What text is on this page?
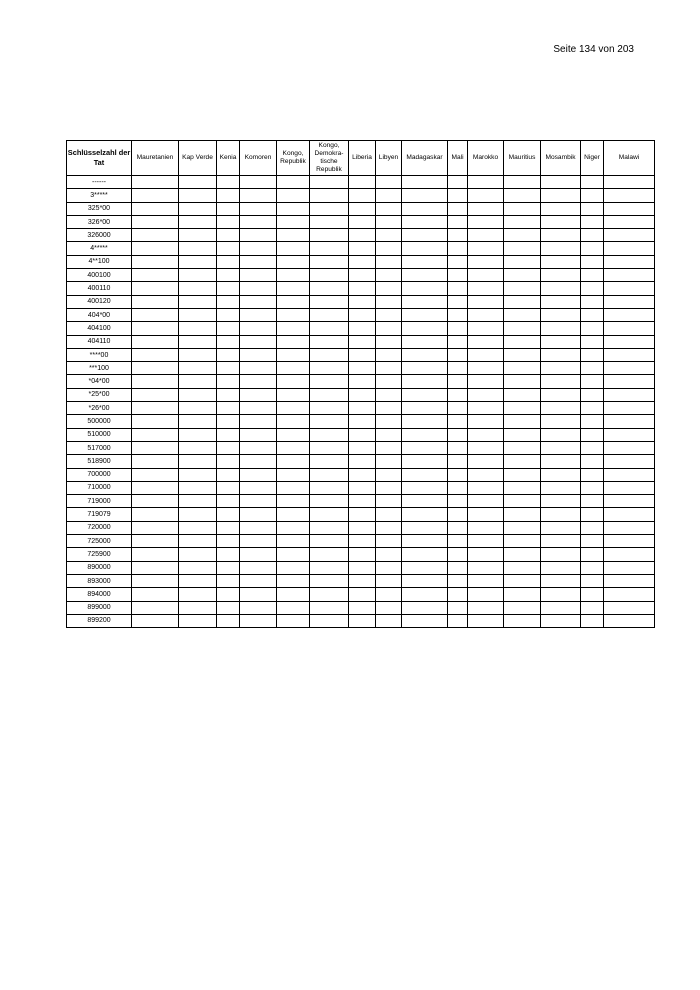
Seite 134 von 203
Schlüsselzahl der Tat	Mauretanien	Kap Verde	Kenia	Komoren	Kongo, Republik	Kongo, Demokra-tische Republik	Liberia	Libyen	Madagaskar	Mali	Marokko	Mauritius	Mosambik	Niger	Malawi
------															
3*****															
325*00															
326*00															
326000															
4*****															
4**100															
400100															
400110															
400120															
404*00															
404100															
404110															
****00															
***100															
*04*00															
*25*00															
*26*00															
500000															
510000															
517000															
518900															
700000															
710000															
719000															
719079															
720000															
725000															
725900															
890000															
893000															
894000															
899000															
899200															
